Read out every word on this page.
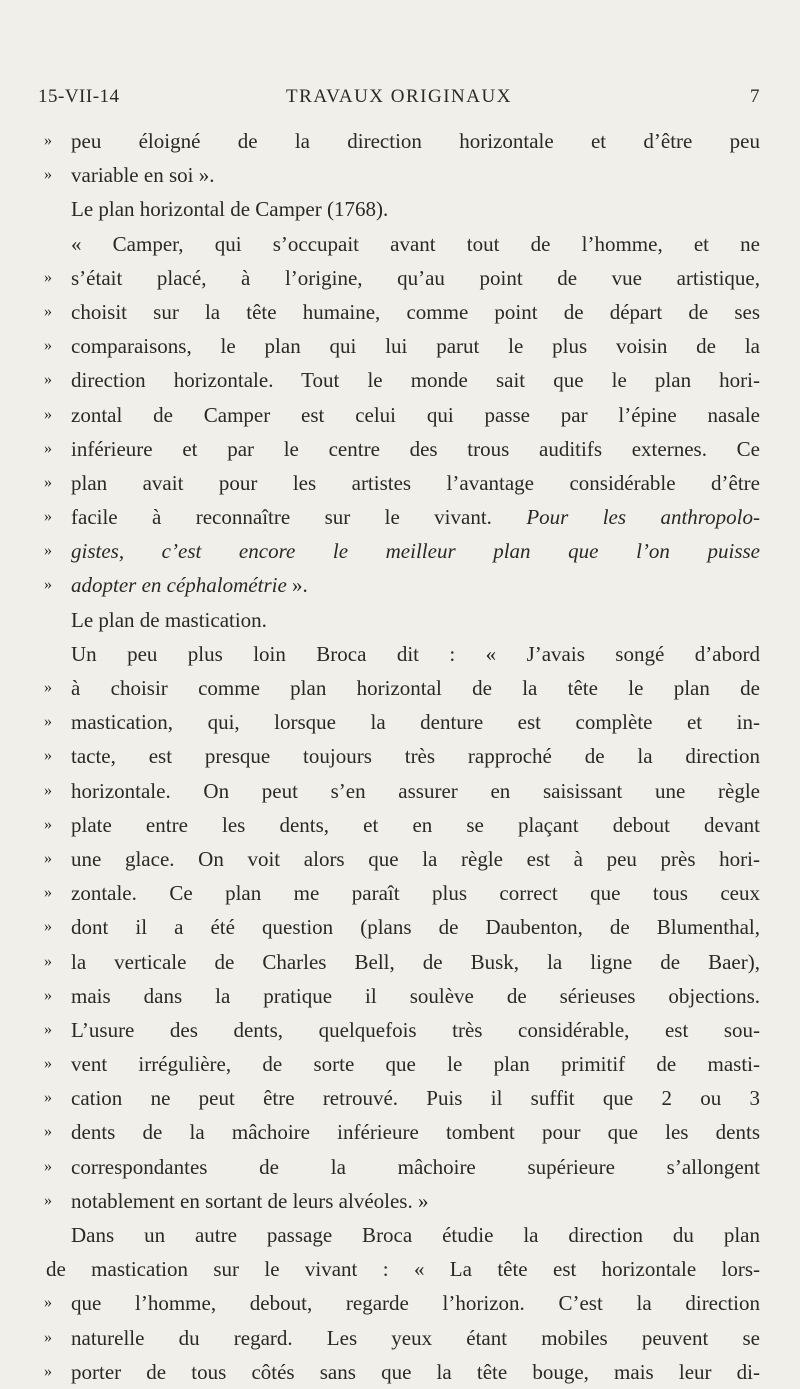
15-VII-14	TRAVAUX ORIGINAUX	7
» peu éloigné de la direction horizontale et d’être peu
» variable en soi ».
Le plan horizontal de Camper (1768).
« Camper, qui s’occupait avant tout de l’homme, et ne
» s’était placé, à l’origine, qu’au point de vue artistique,
» choisit sur la tête humaine, comme point de départ de ses
» comparaisons, le plan qui lui parut le plus voisin de la
» direction horizontale. Tout le monde sait que le plan hori-
» zontal de Camper est celui qui passe par l’épine nasale
» inférieure et par le centre des trous auditifs externes. Ce
» plan avait pour les artistes l’avantage considérable d’être
» facile à reconnaître sur le vivant. Pour les anthropolo-
» gistes, c’est encore le meilleur plan que l’on puisse
» adopter en céphalométrie ».
Le plan de mastication.
Un peu plus loin Broca dit : « J’avais songé d’abord
» à choisir comme plan horizontal de la tête le plan de
» mastication, qui, lorsque la denture est complète et in-
» tacte, est presque toujours très rapproché de la direction
» horizontale. On peut s’en assurer en saisissant une règle
» plate entre les dents, et en se plaçant debout devant
» une glace. On voit alors que la règle est à peu près hori-
» zontale. Ce plan me paraît plus correct que tous ceux
» dont il a été question (plans de Daubenton, de Blumenthal,
» la verticale de Charles Bell, de Busk, la ligne de Baer),
» mais dans la pratique il soulève de sérieuses objections.
» L’usure des dents, quelquefois très considérable, est sou-
» vent irrégulière, de sorte que le plan primitif de masti-
» cation ne peut être retrouvé. Puis il suffit que 2 ou 3
» dents de la mâchoire inférieure tombent pour que les dents
» correspondantes de la mâchoire supérieure s’allongent
» notablement en sortant de leurs alvéoles. »
Dans un autre passage Broca étudie la direction du plan
de mastication sur le vivant : « La tête est horizontale lors-
» que l’homme, debout, regarde l’horizon. C’est la direction
» naturelle du regard. Les yeux étant mobiles peuvent se
» porter de tous côtés sans que la tête bouge, mais leur di-
